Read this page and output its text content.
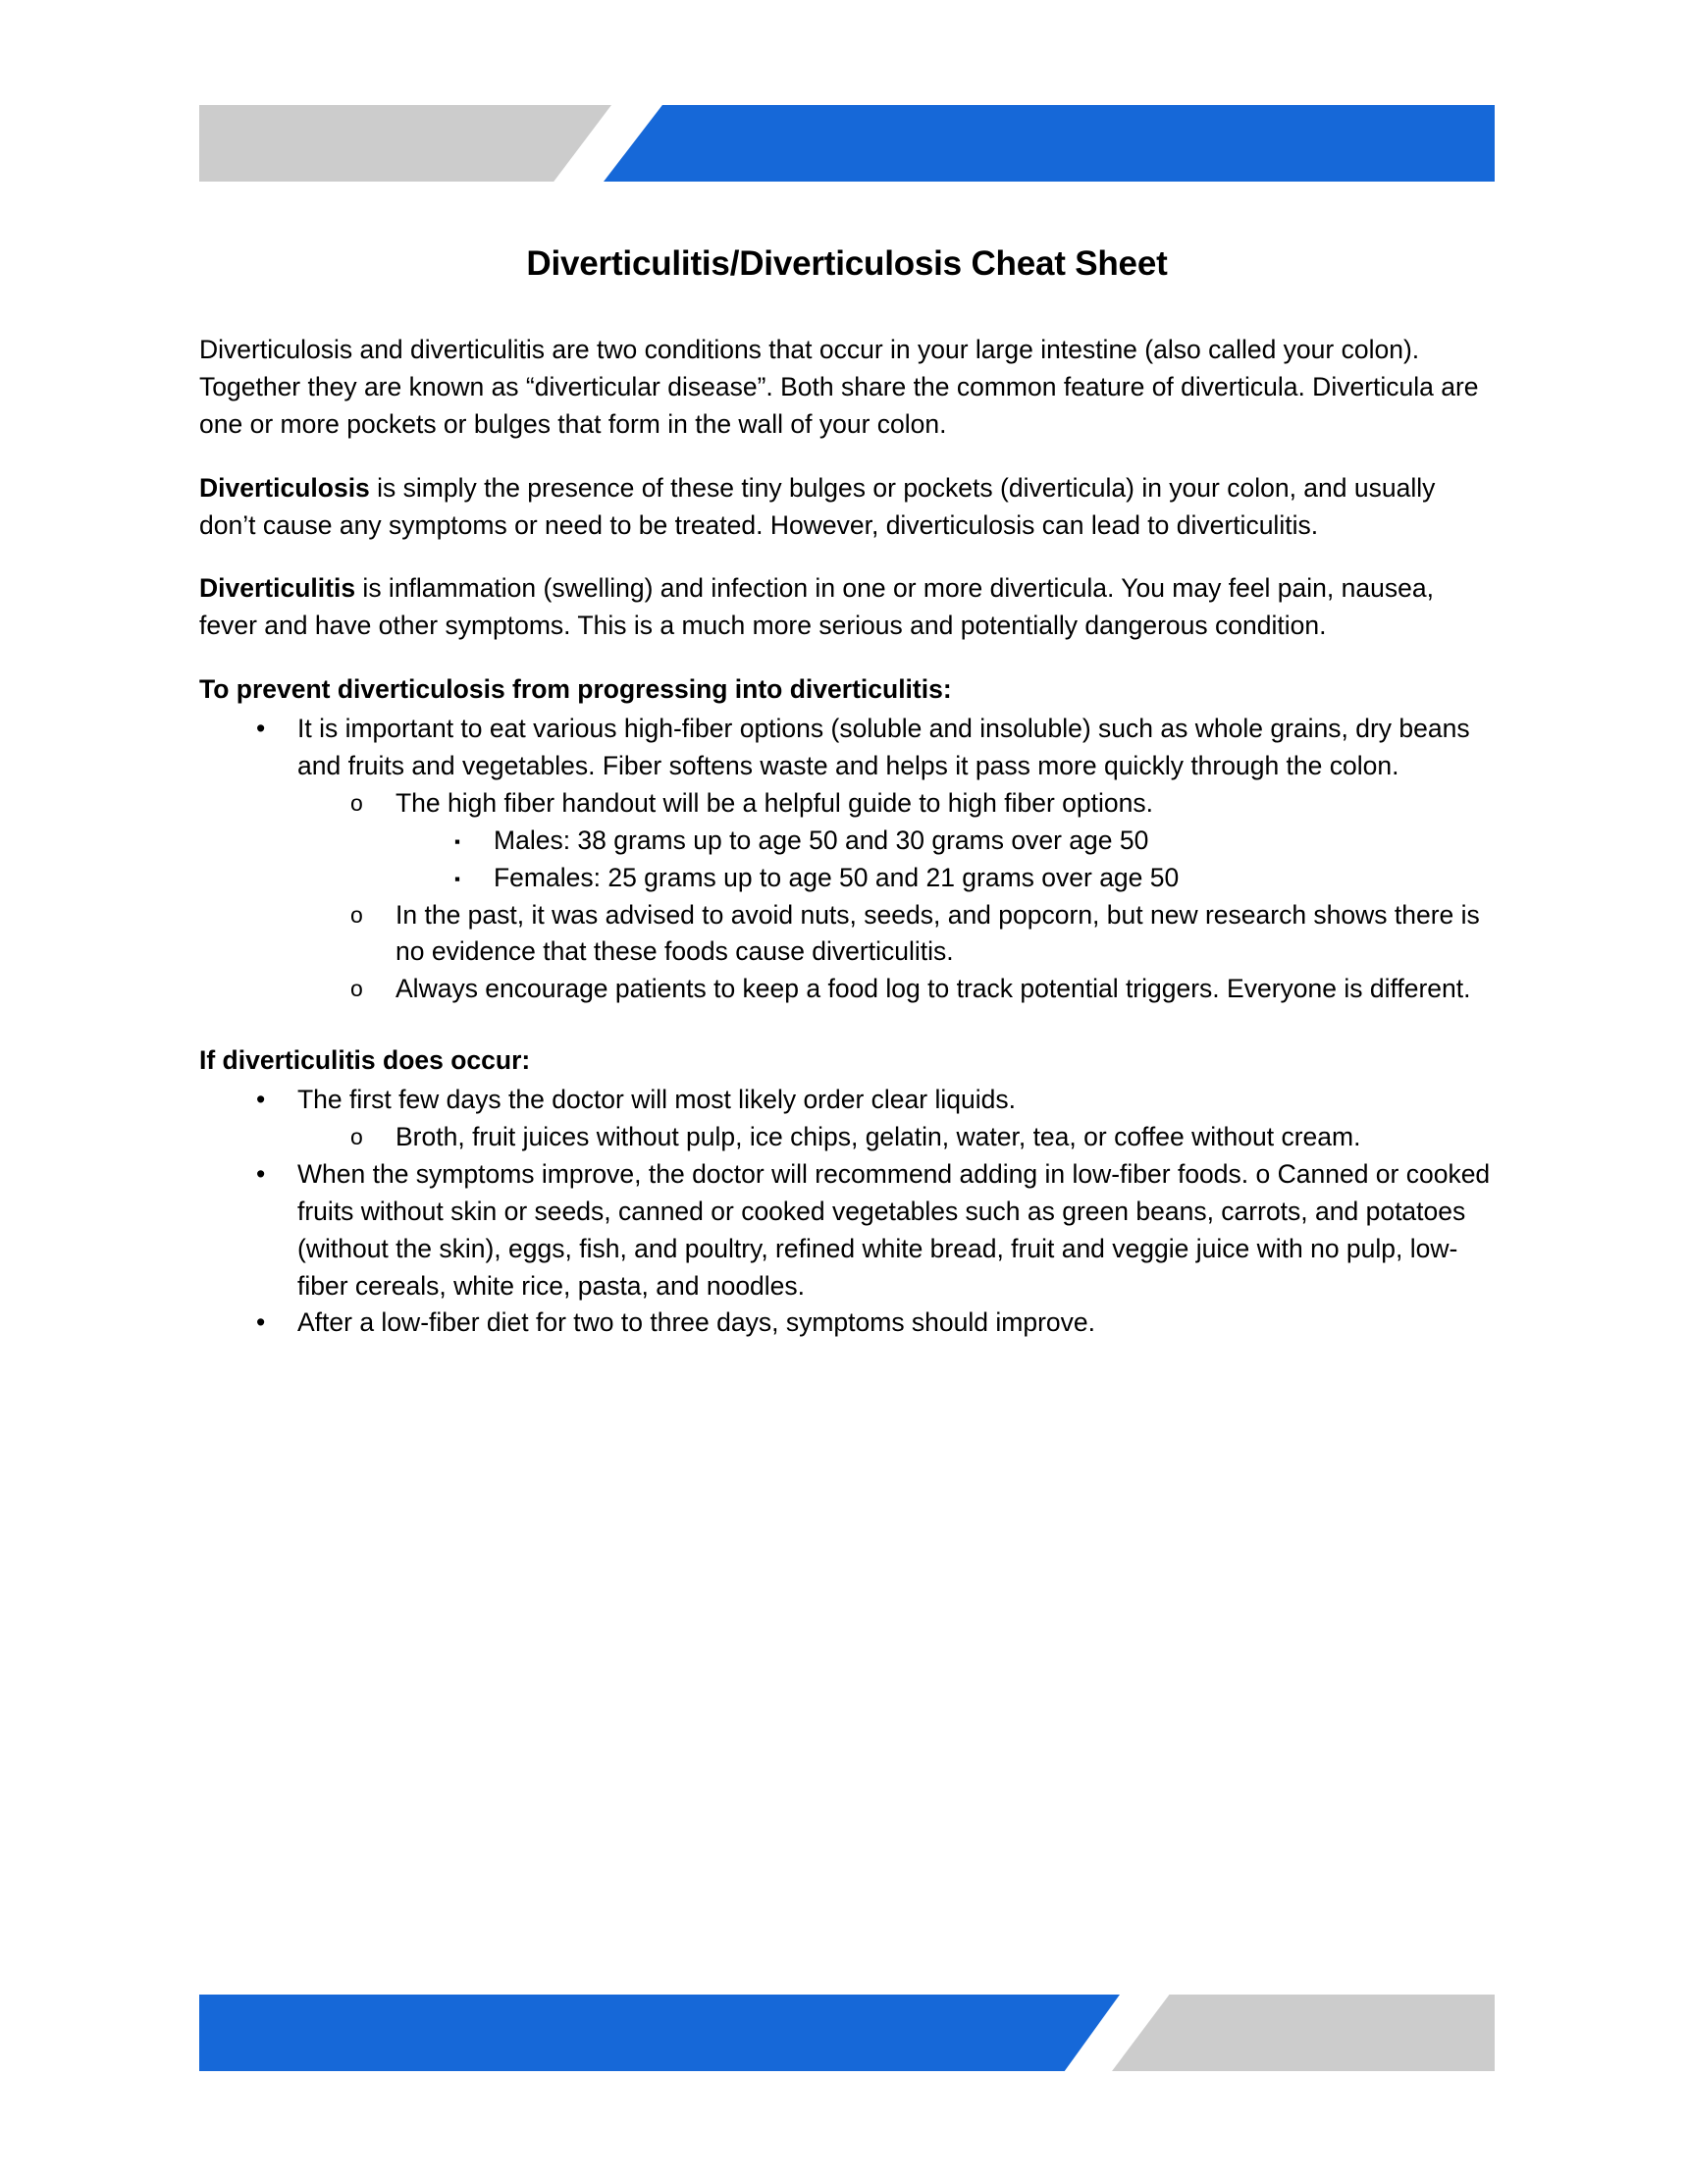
Diverticulitis/Diverticulosis Cheat Sheet

Diverticulosis and diverticulitis are two conditions that occur in your large intestine (also called your colon). Together they are known as “diverticular disease”. Both share the common feature of diverticula. Diverticula are one or more pockets or bulges that form in the wall of your colon.

Diverticulosis is simply the presence of these tiny bulges or pockets (diverticula) in your colon, and usually don’t cause any symptoms or need to be treated. However, diverticulosis can lead to diverticulitis.

Diverticulitis is inflammation (swelling) and infection in one or more diverticula. You may feel pain, nausea, fever and have other symptoms. This is a much more serious and potentially dangerous condition.

To prevent diverticulosis from progressing into diverticulitis:
• It is important to eat various high-fiber options (soluble and insoluble) such as whole grains, dry beans and fruits and vegetables. Fiber softens waste and helps it pass more quickly through the colon.
o The high fiber handout will be a helpful guide to high fiber options.
▪ Males: 38 grams up to age 50 and 30 grams over age 50
▪ Females: 25 grams up to age 50 and 21 grams over age 50
o In the past, it was advised to avoid nuts, seeds, and popcorn, but new research shows there is no evidence that these foods cause diverticulitis.
o Always encourage patients to keep a food log to track potential triggers. Everyone is different.
If diverticulitis does occur:
• The first few days the doctor will most likely order clear liquids.
o Broth, fruit juices without pulp, ice chips, gelatin, water, tea, or coffee without cream.
• When the symptoms improve, the doctor will recommend adding in low-fiber foods. o Canned or cooked fruits without skin or seeds, canned or cooked vegetables such as green beans, carrots, and potatoes (without the skin), eggs, fish, and poultry, refined white bread, fruit and veggie juice with no pulp, low-fiber cereals, white rice, pasta, and noodles.
• After a low-fiber diet for two to three days, symptoms should improve.
